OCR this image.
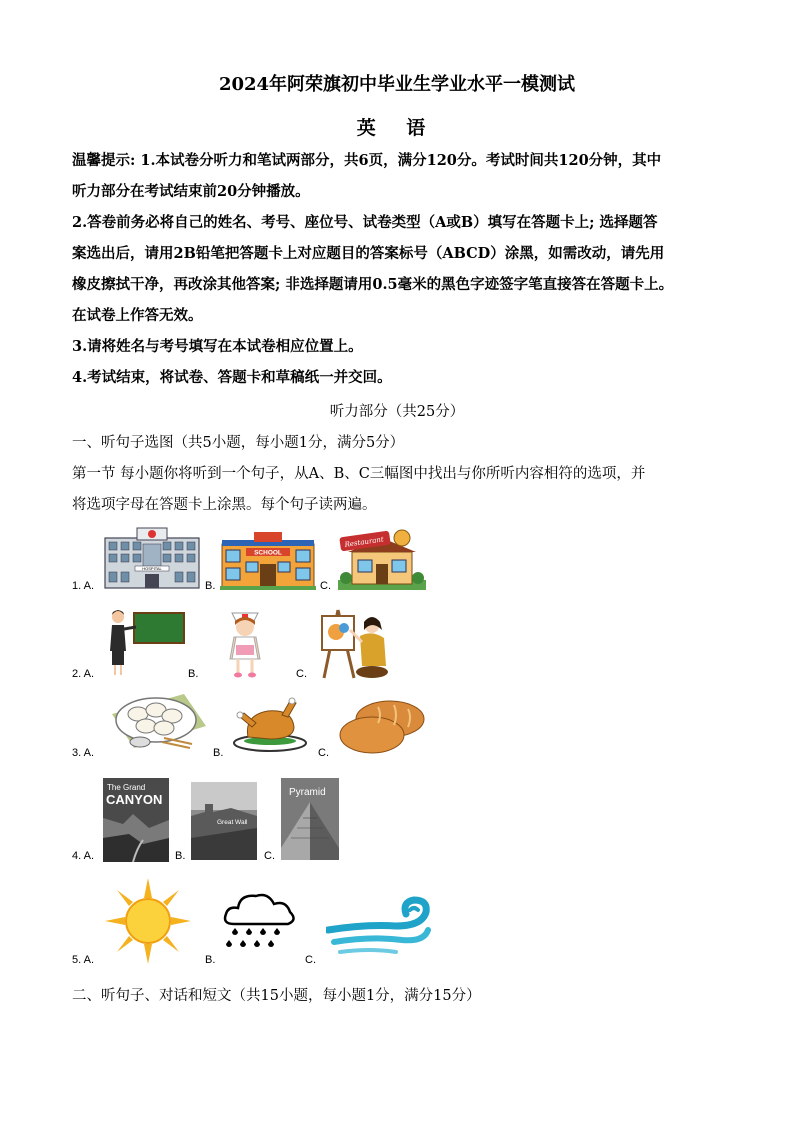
2024年阿荣旗初中毕业生学业水平一模测试
英 语
温馨提示: 1.本试卷分听力和笔试两部分，共6页，满分120分。考试时间共120分钟，其中
听力部分在考试结束前20分钟播放。
2.答卷前务必将自己的姓名、考号、座位号、试卷类型（A或B）填写在答题卡上; 选择题答
案选出后，请用2B铅笔把答题卡上对应题目的答案标号（ABCD）涂黑，如需改动，请先用
橡皮擦拭干净，再改涂其他答案; 非选择题请用0.5毫米的黑色字迹签字笔直接答在答题卡上。
在试卷上作答无效。
3.请将姓名与考号填写在本试卷相应位置上。
4.考试结束，将试卷、答题卡和草稿纸一并交回。
听力部分（共25分）
一、听句子选图（共5小题，每小题1分，满分5分）
第一节 每小题你将听到一个句子，从A、B、C三幅图中找出与你所听内容相符的选项，并
将选项字母在答题卡上涂黑。每个句子读两遍。
1. A.	B.	C.
2. A.	B.	C.
3. A.	B.	C.
4. A.	B.	C.
5. A.	B.	C.
HOSPITAL
SCHOOL
Restaurant
The Grand
CANYON
Great Wall
Pyramid
二、听句子、对话和短文（共15小题，每小题1分，满分15分）
